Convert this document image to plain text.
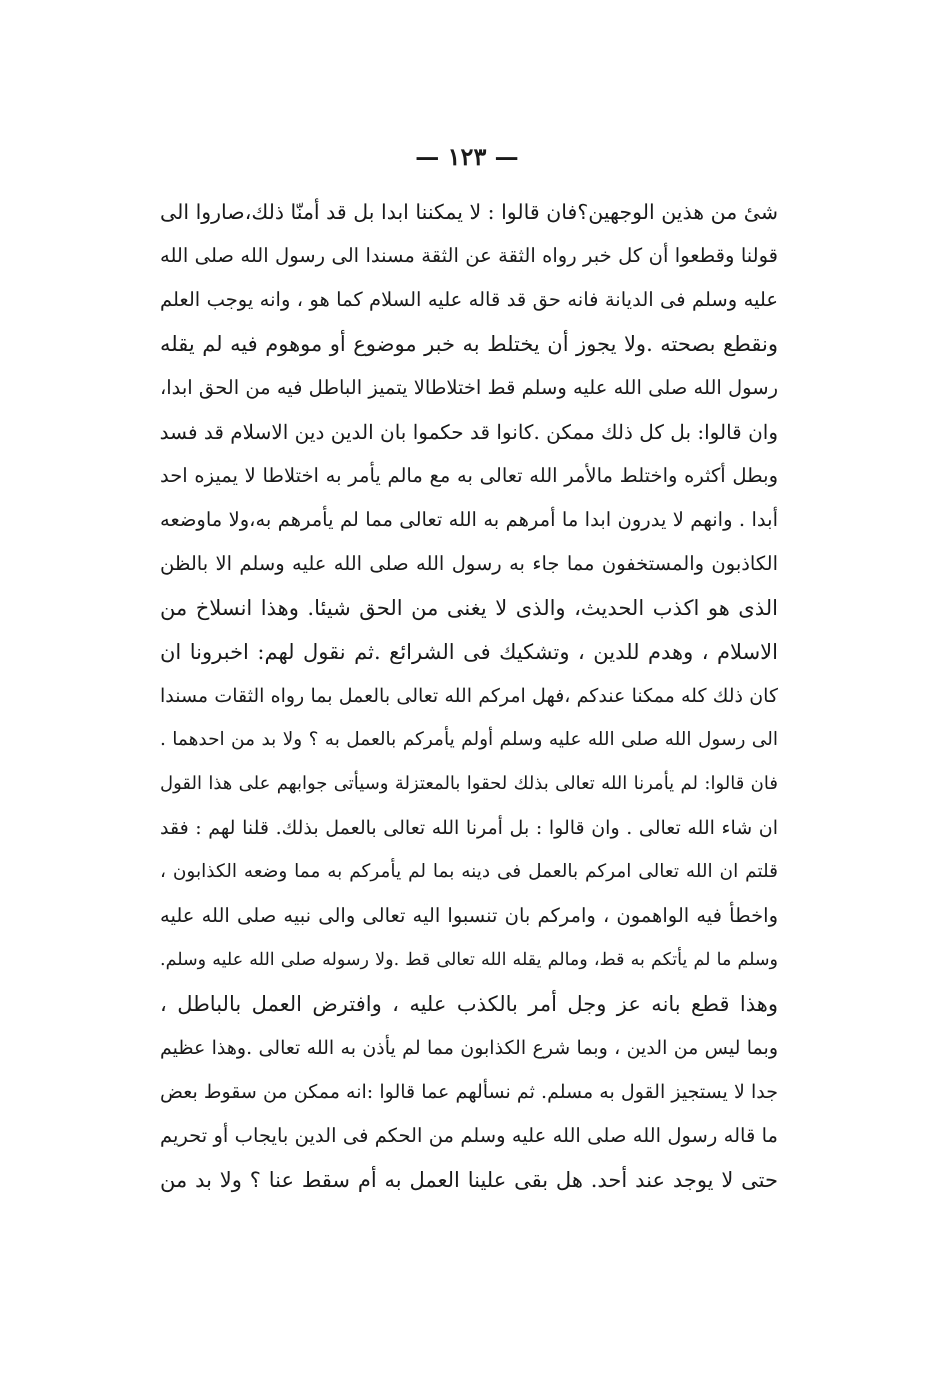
— ١٢٣ —
شىٔ من هذين الوجهين؟فان قالوا : لا يمكننا ابدا بل قد أمنّا ذلك،صاروا الى
قولنا وقطعوا أن كل خبر رواه الثقة عن الثقة مسندا الى رسول الله صلى الله
عليه وسلم فى الديانة فانه حق قد قاله عليه السلام كما هو ، وانه يوجب العلم
ونقطع بصحته .ولا يجوز أن يختلط به خبر موضوع أو موهوم فيه لم يقله
رسول الله صلى الله عليه وسلم قط اختلاطالا يتميز الباطل فيه من الحق ابدا،
وان قالوا: بل كل ذلك ممكن .كانوا قد حكموا بان الدين دين الاسلام قد فسد
وبطل أكثره واختلط مالأمر الله تعالى به مع مالم يأمر به اختلاطا لا يميزه احد
أبدا . وانهم لا يدرون ابدا ما أمرهم به الله تعالى مما لم يأمرهم به،ولا ماوضعه
الكاذبون والمستخفون مما جاء به رسول الله صلى الله عليه وسلم الا بالظن
الذى هو اكذب الحديث، والذى لا يغنى من الحق شيئا. وهذا انسلاخ من
الاسلام ، وهدم للدين ، وتشكيك فى الشرائع .ثم نقول لهم: اخبرونا ان
كان ذلك كله ممكنا عندكم ،فهل امركم الله تعالى بالعمل بما رواه الثقات مسندا
الى رسول الله صلى الله عليه وسلم أولم يأمركم بالعمل به ؟ ولا بد من احدهما .
فان قالوا: لم يأمرنا الله تعالى بذلك لحقوا بالمعتزلة وسيأتى جوابهم على هذا القول
ان شاء الله تعالى . وان قالوا : بل أمرنا الله تعالى بالعمل بذلك. قلنا لهم : فقد
قلتم ان الله تعالى امركم بالعمل فى دينه بما لم يأمركم به مما وضعه الكذابون ،
واخطأ فيه الواهمون ، وامركم بان تنسبوا اليه تعالى والى نبيه صلى الله عليه
وسلم ما لم يأتكم به قط، ومالم يقله الله تعالى قط .ولا رسوله صلى الله عليه وسلم.
وهذا قطع بانه عز وجل أمر بالكذب عليه ، وافترض العمل بالباطل ،
وبما ليس من الدين ، وبما شرع الكذابون مما لم يأذن به الله تعالى .وهذا عظيم
جدا لا يستجيز القول به مسلم. ثم نسألهم عما قالوا :انه ممكن من سقوط بعض
ما قاله رسول الله صلى الله عليه وسلم من الحكم فى الدين بايجاب أو تحريم
حتى لا يوجد عند أحد. هل بقى علينا العمل به أم سقط عنا ؟ ولا بد من
